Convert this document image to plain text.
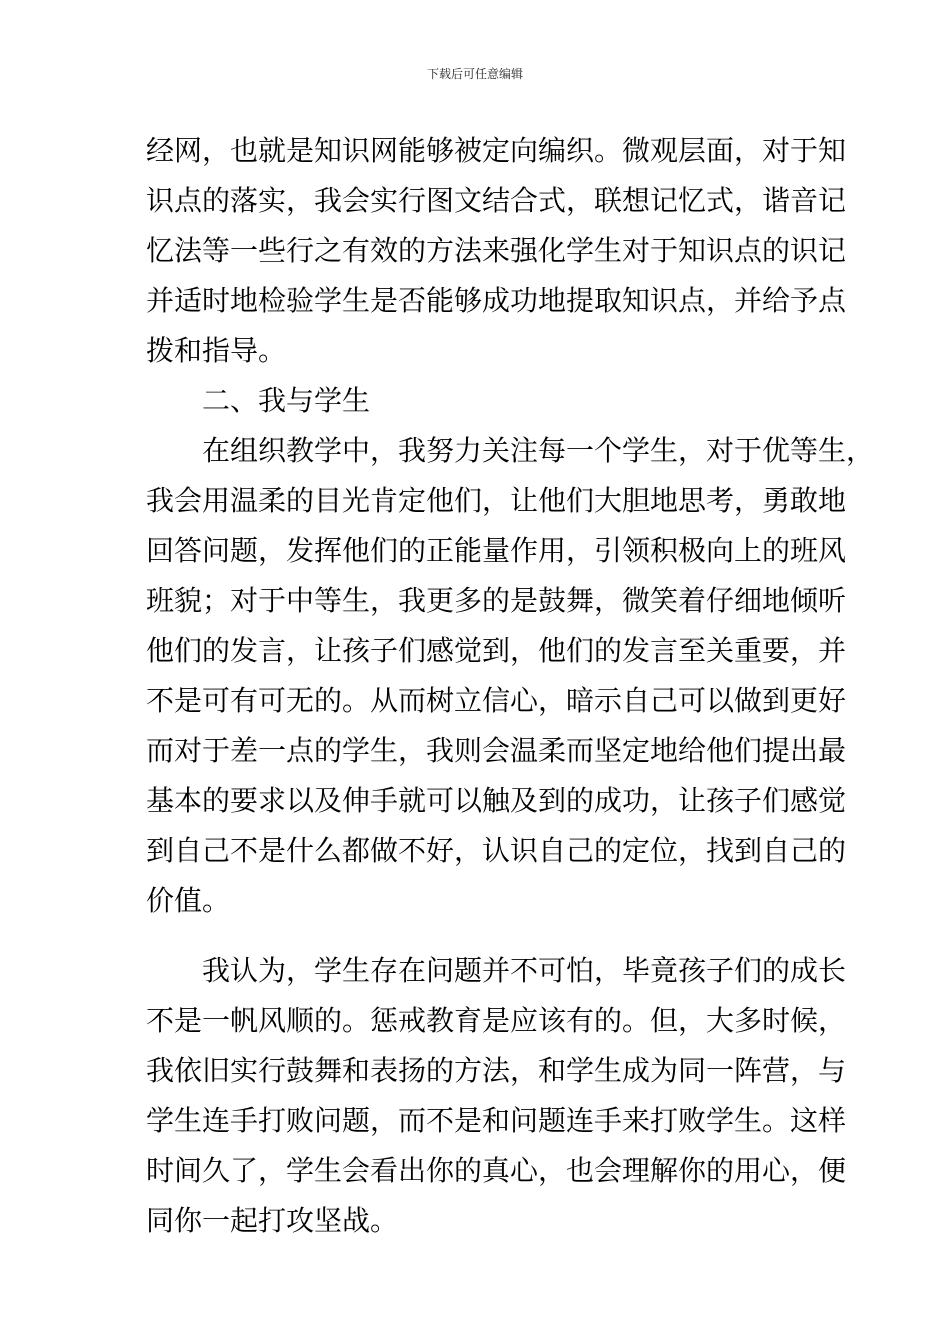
下载后可任意编辑
经网，也就是知识网能够被定向编织。微观层面，对于知
识点的落实，我会实行图文结合式，联想记忆式，谐音记
忆法等一些行之有效的方法来强化学生对于知识点的识记
并适时地检验学生是否能够成功地提取知识点，并给予点
拨和指导。
二、我与学生
在组织教学中，我努力关注每一个学生，对于优等生，
我会用温柔的目光肯定他们，让他们大胆地思考，勇敢地
回答问题，发挥他们的正能量作用，引领积极向上的班风
班貌；对于中等生，我更多的是鼓舞，微笑着仔细地倾听
他们的发言，让孩子们感觉到，他们的发言至关重要，并
不是可有可无的。从而树立信心，暗示自己可以做到更好
而对于差一点的学生，我则会温柔而坚定地给他们提出最
基本的要求以及伸手就可以触及到的成功，让孩子们感觉
到自己不是什么都做不好，认识自己的定位，找到自己的
价值。
我认为，学生存在问题并不可怕，毕竟孩子们的成长
不是一帆风顺的。惩戒教育是应该有的。但，大多时候，
我依旧实行鼓舞和表扬的方法，和学生成为同一阵营，与
学生连手打败问题，而不是和问题连手来打败学生。这样
时间久了，学生会看出你的真心，也会理解你的用心，便
同你一起打攻坚战。
